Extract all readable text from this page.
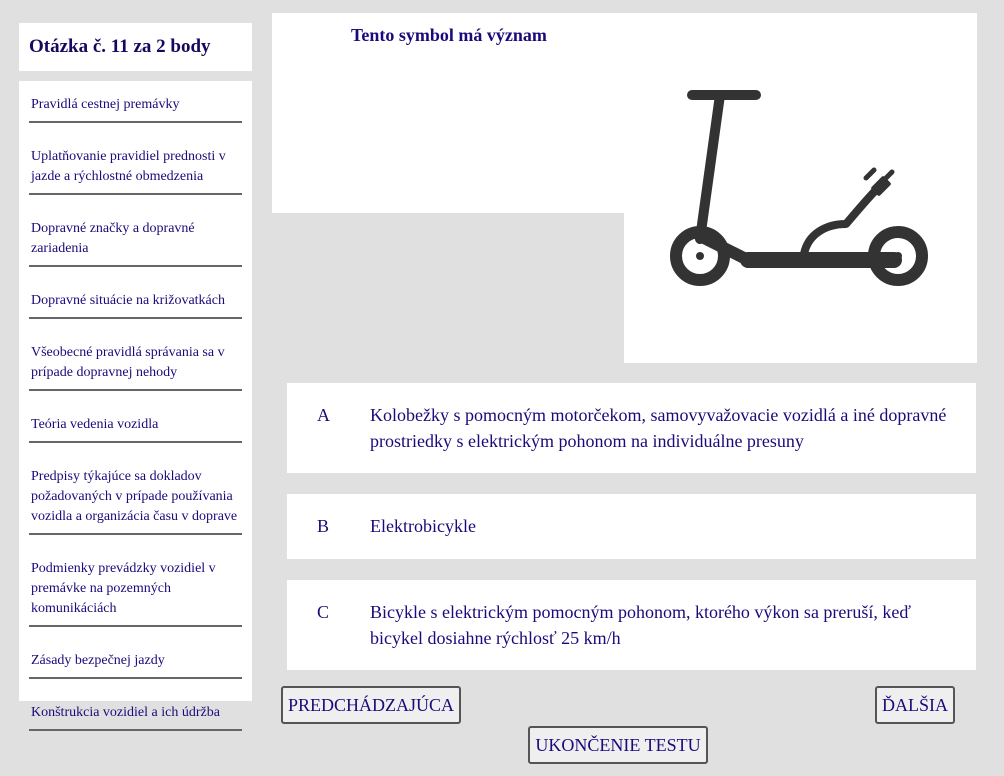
Otázka č. 11 za 2 body
Pravidlá cestnej premávky
Uplatňovanie pravidiel prednosti v jazde a rýchlostné obmedzenia
Dopravné značky a dopravné zariadenia
Dopravné situácie na križovatkách
Všeobecné pravidlá správania sa v prípade dopravnej nehody
Teória vedenia vozidla
Predpisy týkajúce sa dokladov požadovaných v prípade používania vozidla a organizácia času v doprave
Podmienky prevádzky vozidiel v premávke na pozemných komunikáciách
Zásady bezpečnej jazdy
Konštrukcia vozidiel a ich údržba
Tento symbol má význam
A Kolobežky s pomocným motorčekom, samovyvažovacie vozidlá a iné dopravné prostriedky s elektrickým pohonom na individuálne presuny
B Elektrobicykle
C Bicykle s elektrickým pomocným pohonom, ktorého výkon sa preruší, keď bicykel dosiahne rýchlosť 25 km/h
PREDCHÁDZAJÚCA	ĎALŠIA
UKONČENIE TESTU
